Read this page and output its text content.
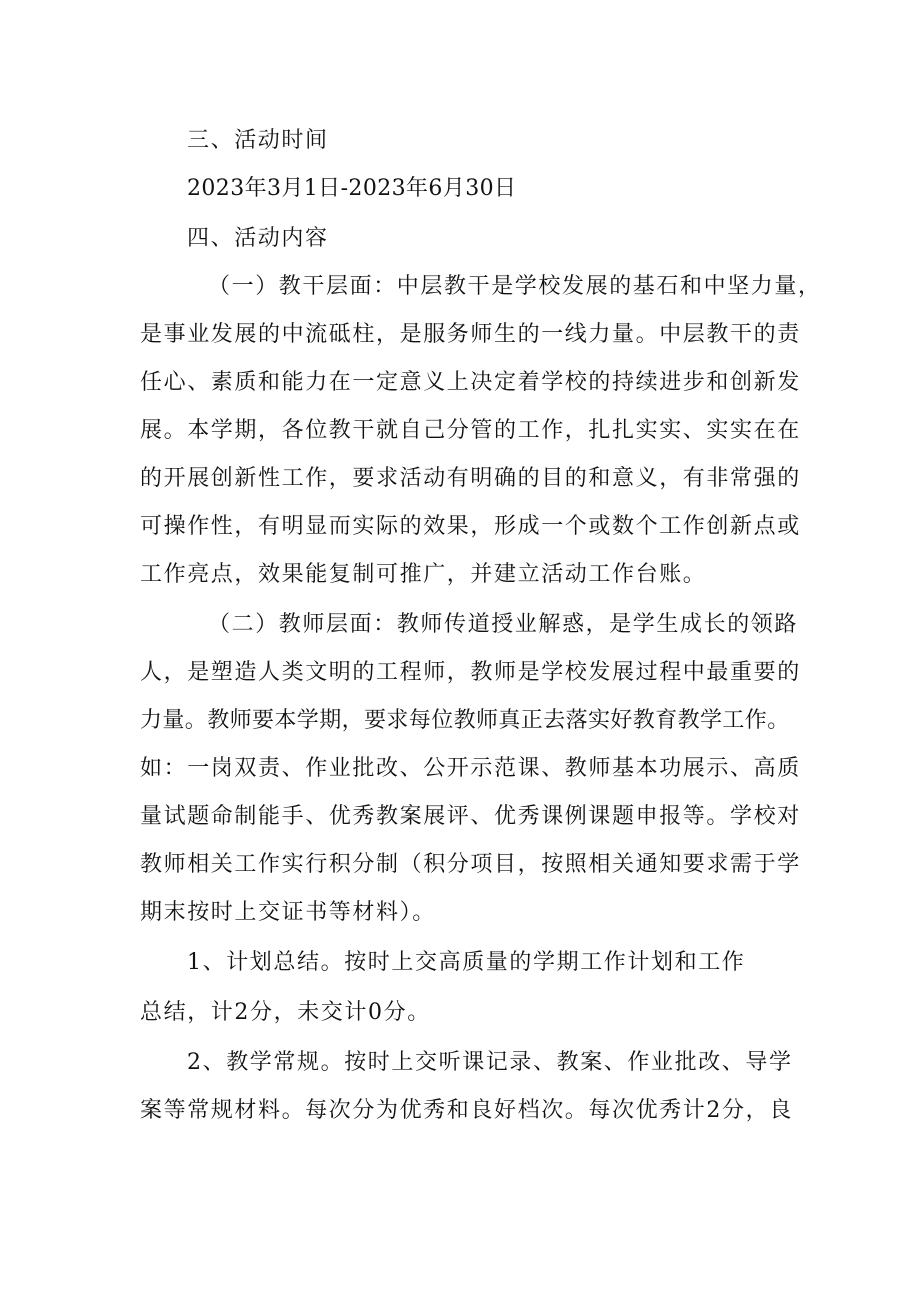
三、活动时间
2023年3月1日-2023年6月30日
四、活动内容
（一）教干层面：中层教干是学校发展的基石和中坚力量，
是事业发展的中流砥柱，是服务师生的一线力量。中层教干的责
任心、素质和能力在一定意义上决定着学校的持续进步和创新发
展。本学期，各位教干就自己分管的工作，扎扎实实、实实在在
的开展创新性工作，要求活动有明确的目的和意义，有非常强的
可操作性，有明显而实际的效果，形成一个或数个工作创新点或
工作亮点，效果能复制可推广，并建立活动工作台账。
（二）教师层面：教师传道授业解惑，是学生成长的领路
人，是塑造人类文明的工程师，教师是学校发展过程中最重要的
力量。教师要本学期，要求每位教师真正去落实好教育教学工作。
如：一岗双责、作业批改、公开示范课、教师基本功展示、高质
量试题命制能手、优秀教案展评、优秀课例课题申报等。学校对
教师相关工作实行积分制（积分项目，按照相关通知要求需于学
期末按时上交证书等材料）。
1、计划总结。按时上交高质量的学期工作计划和工作
总结，计2分，未交计0分。
2、教学常规。按时上交听课记录、教案、作业批改、导学
案等常规材料。每次分为优秀和良好档次。每次优秀计2分，良
